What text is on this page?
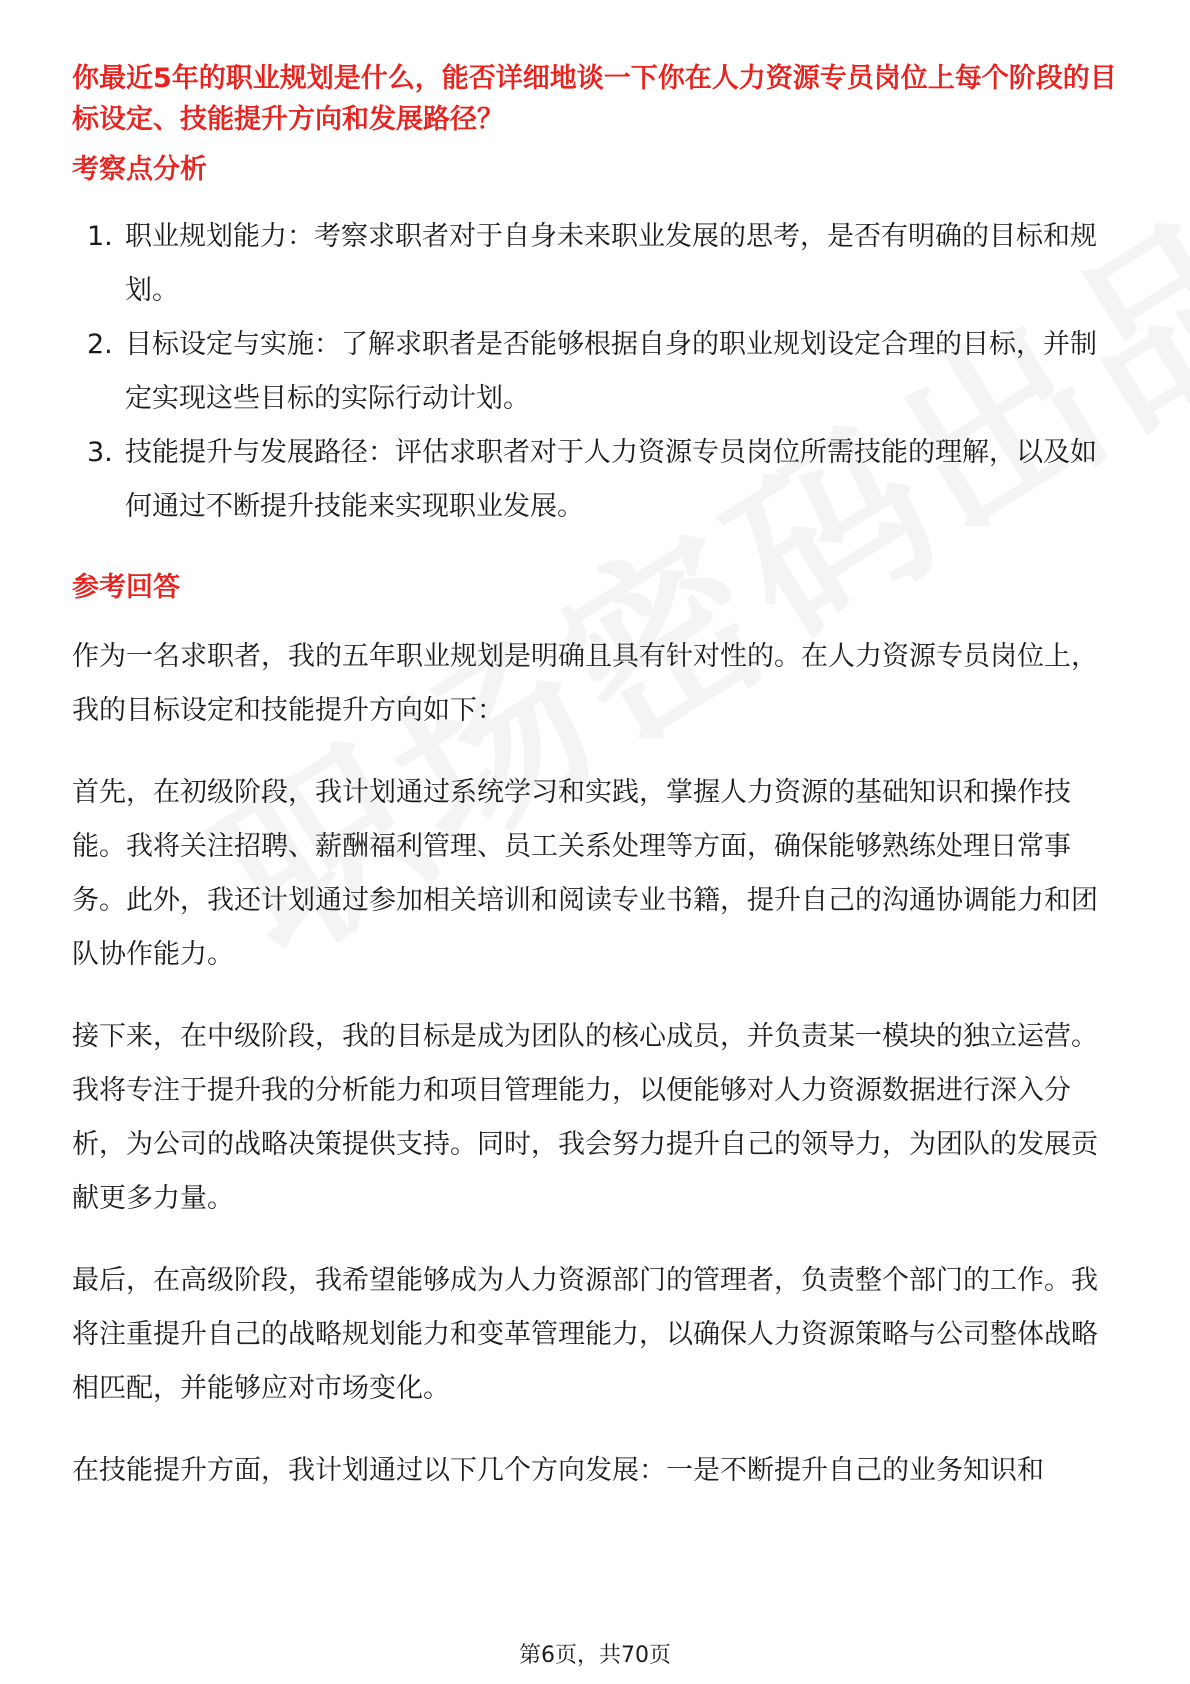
你最近5年的职业规划是什么，能否详细地谈一下你在人力资源专员岗位上每个阶段的目标设定、技能提升方向和发展路径？

考察点分析

1. 职业规划能力：考察求职者对于自身未来职业发展的思考，是否有明确的目标和规划。
2. 目标设定与实施：了解求职者是否能够根据自身的职业规划设定合理的目标，并制定实现这些目标的实际行动计划。
3. 技能提升与发展路径：评估求职者对于人力资源专员岗位所需技能的理解，以及如何通过不断提升技能来实现职业发展。

参考回答

作为一名求职者，我的五年职业规划是明确且具有针对性的。在人力资源专员岗位上，我的目标设定和技能提升方向如下：

首先，在初级阶段，我计划通过系统学习和实践，掌握人力资源的基础知识和操作技能。我将关注招聘、薪酬福利管理、员工关系处理等方面，确保能够熟练处理日常事务。此外，我还计划通过参加相关培训和阅读专业书籍，提升自己的沟通协调能力和团队协作能力。

接下来，在中级阶段，我的目标是成为团队的核心成员，并负责某一模块的独立运营。我将专注于提升我的分析能力和项目管理能力，以便能够对人力资源数据进行深入分析，为公司的战略决策提供支持。同时，我会努力提升自己的领导力，为团队的发展贡献更多力量。

最后，在高级阶段，我希望能够成为人力资源部门的管理者，负责整个部门的工作。我将注重提升自己的战略规划能力和变革管理能力，以确保人力资源策略与公司整体战略相匹配，并能够应对市场变化。

在技能提升方面，我计划通过以下几个方向发展：一是不断提升自己的业务知识和

第6页，共70页
